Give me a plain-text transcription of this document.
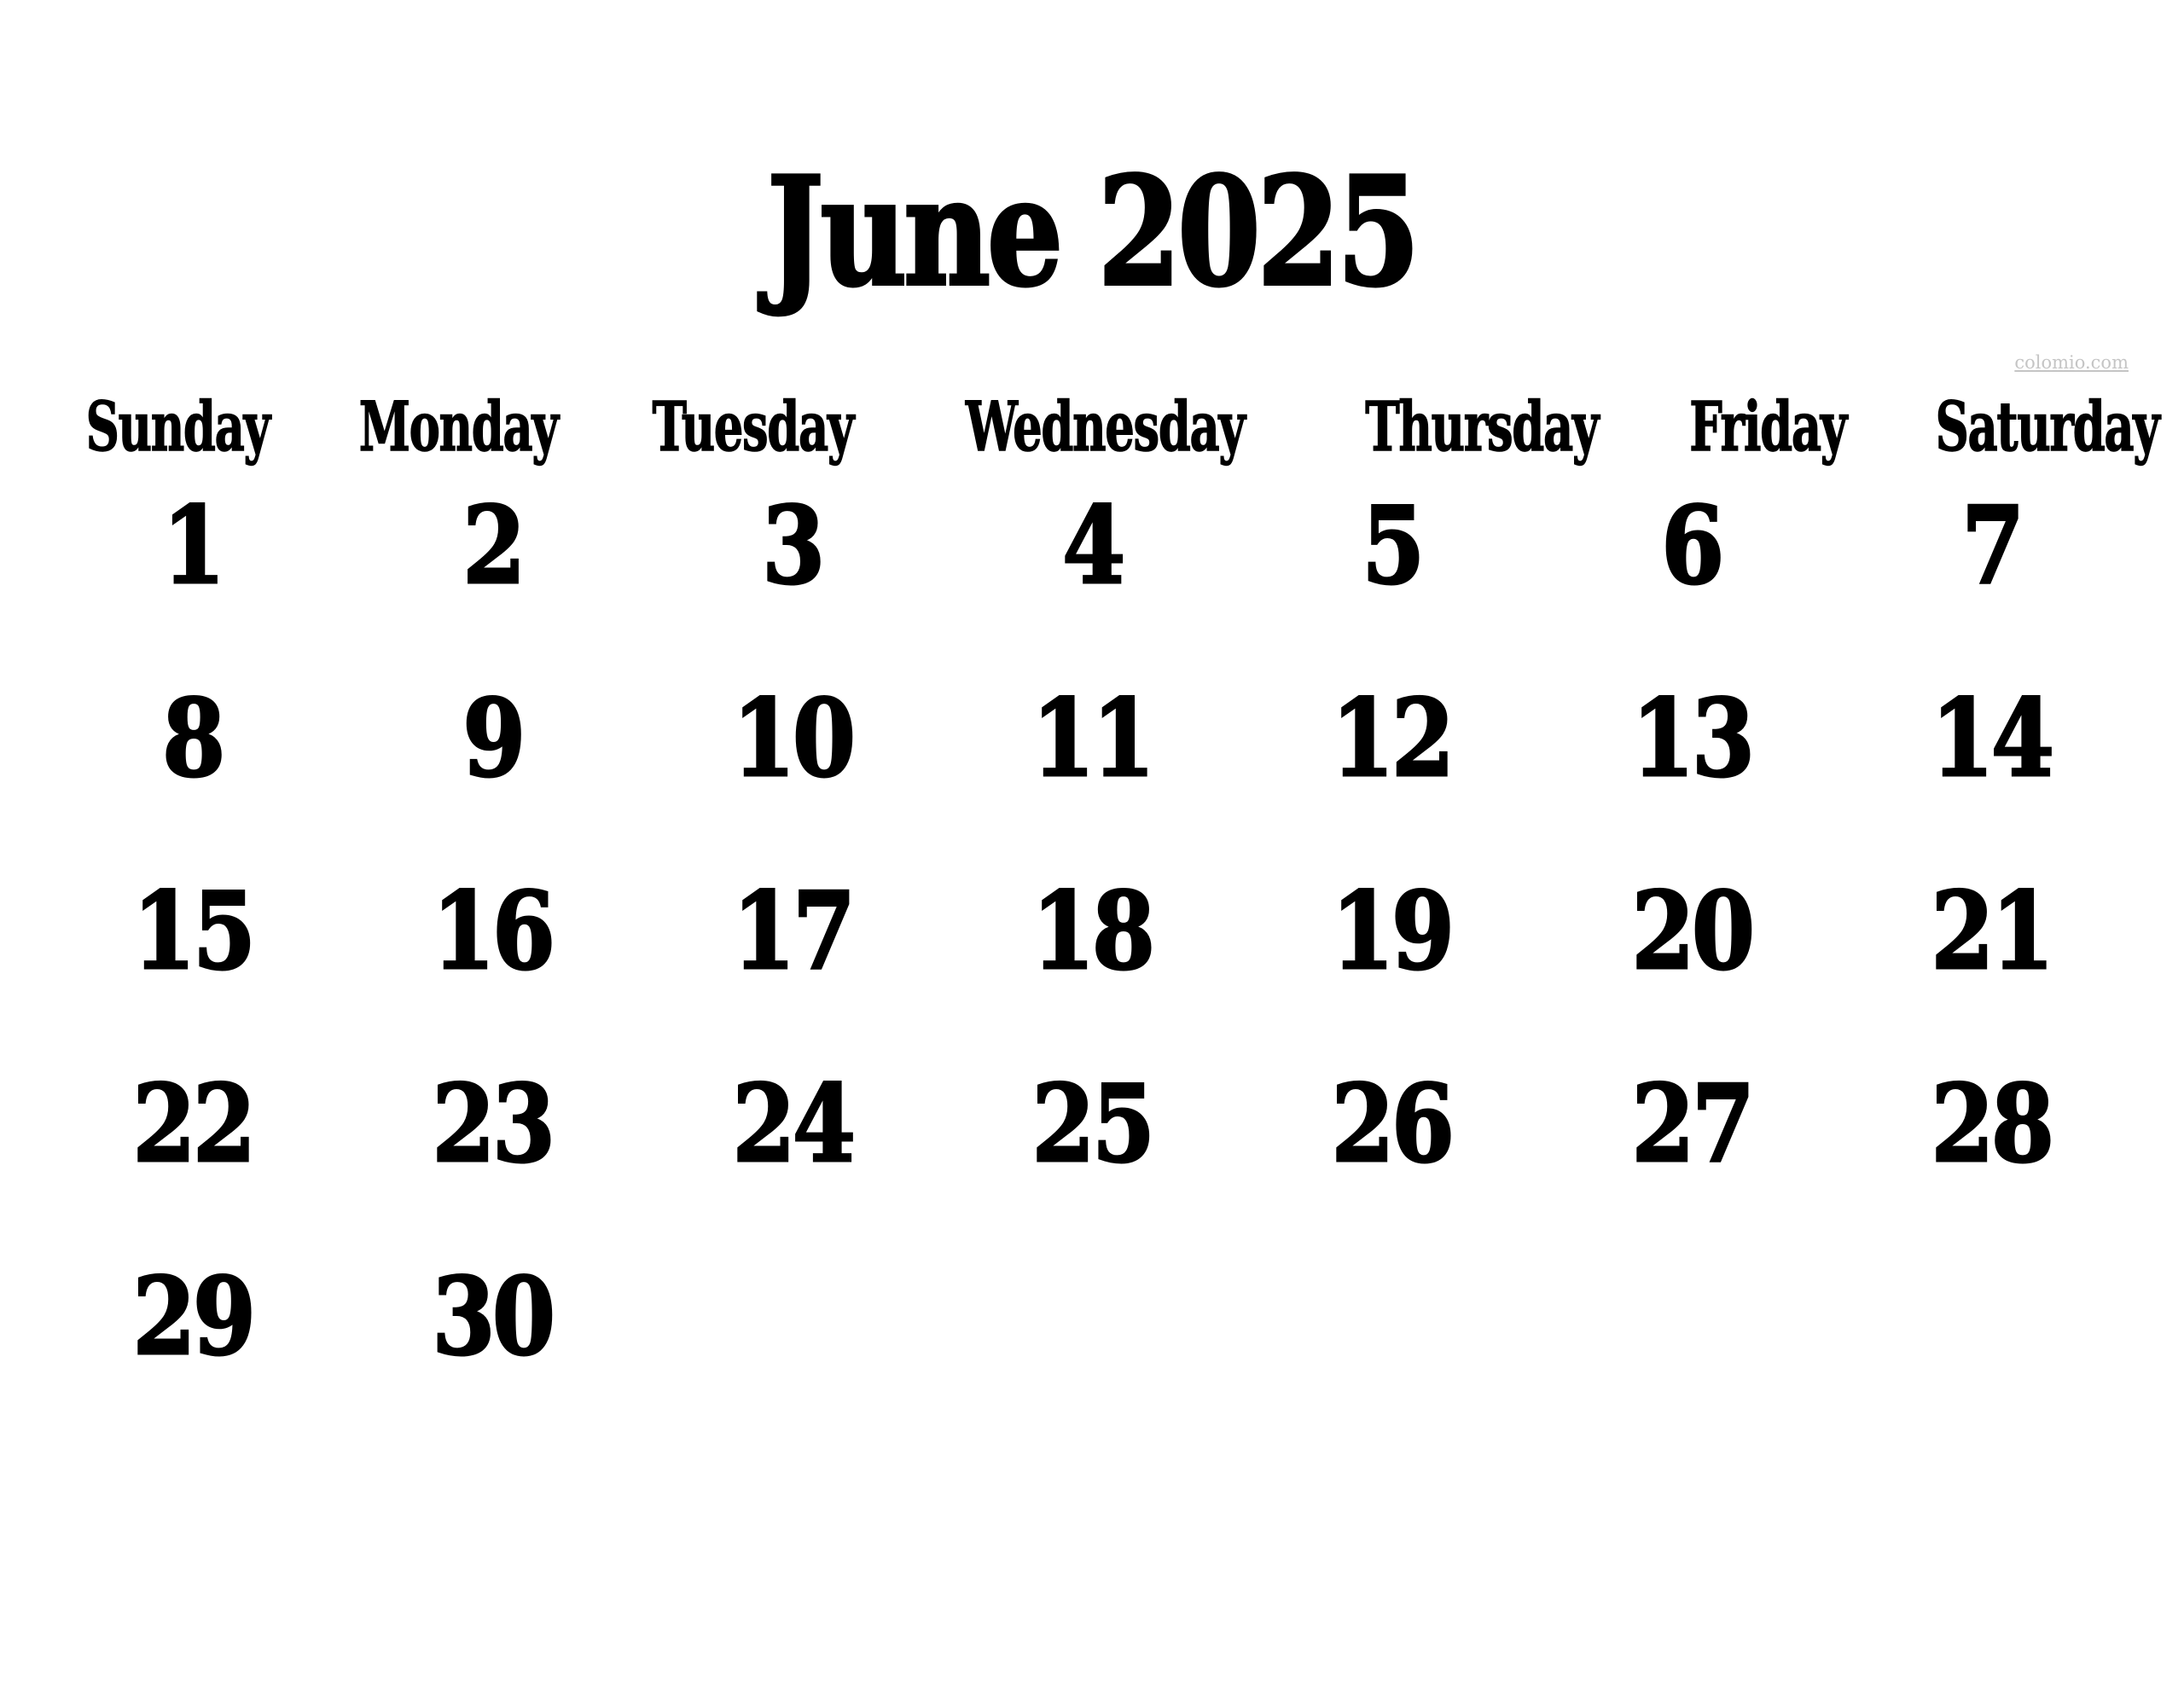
June 2025
colomio.com
Sunday	Monday	Tuesday	Wednesday	Thursday	Friday	Saturday
1	2	3	4	5	6	7
8	9	10	11	12	13	14
15	16	17	18	19	20	21
22	23	24	25	26	27	28
29	30
